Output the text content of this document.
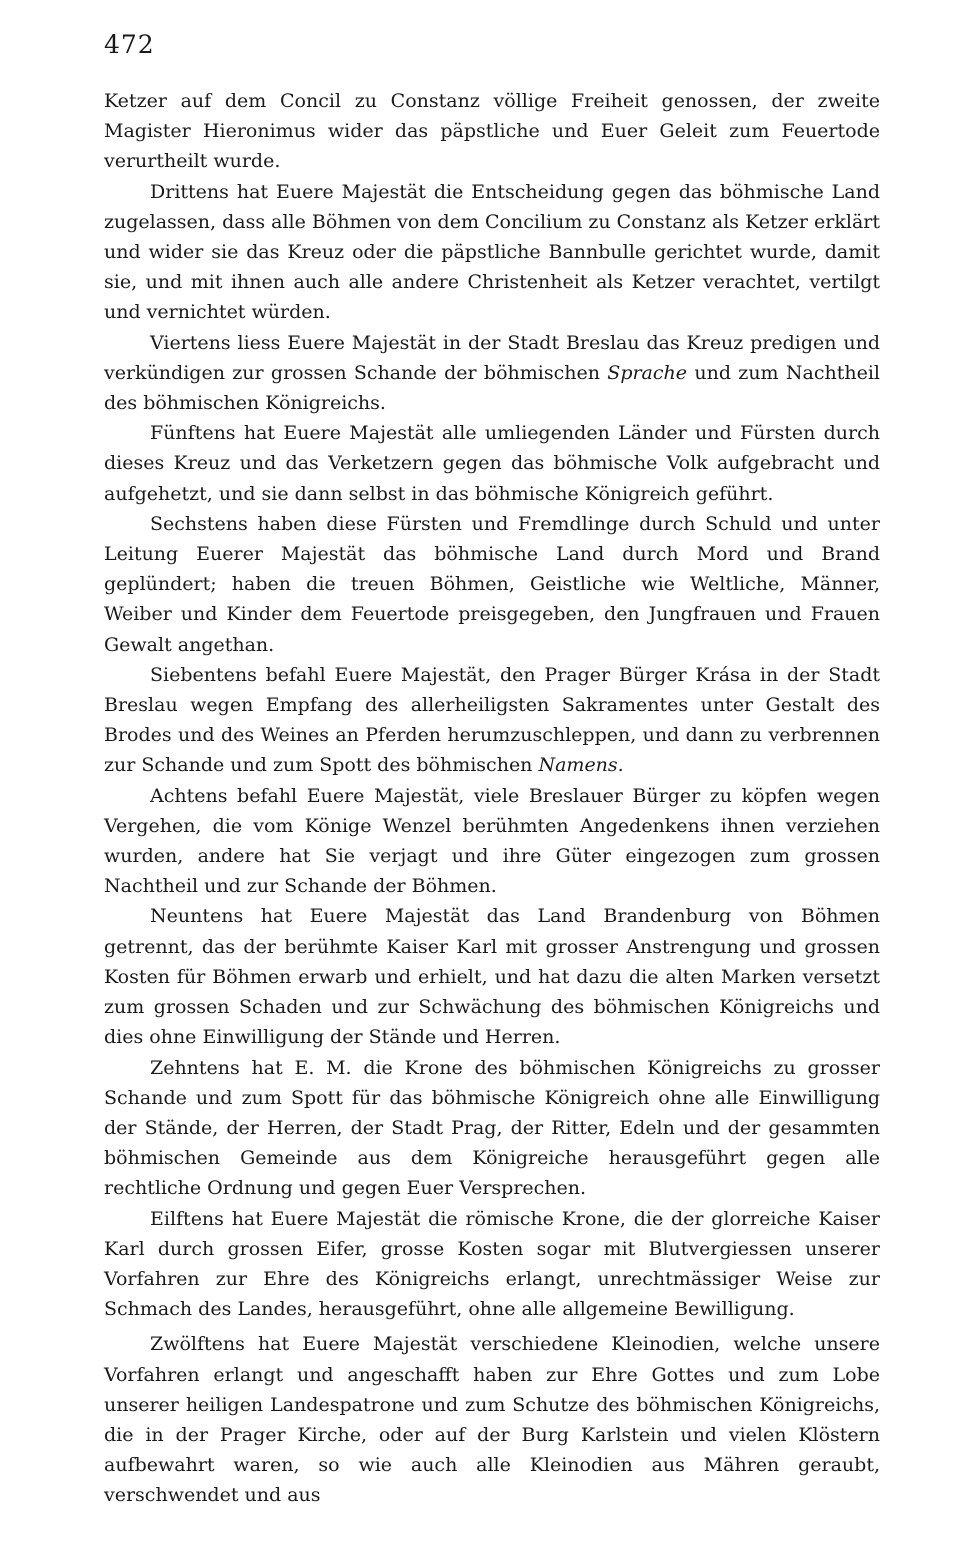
472

Ketzer auf dem Concil zu Constanz völlige Freiheit genossen, der zweite Magister Hieronimus wider das päpstliche und Euer Geleit zum Feuertode verurtheilt wurde.

Drittens hat Euere Majestät die Entscheidung gegen das böhmische Land zugelassen, dass alle Böhmen von dem Concilium zu Constanz als Ketzer erklärt und wider sie das Kreuz oder die päpstliche Bannbulle gerichtet wurde, damit sie, und mit ihnen auch alle andere Christenheit als Ketzer verachtet, vertilgt und vernichtet würden.

Viertens liess Euere Majestät in der Stadt Breslau das Kreuz predigen und verkündigen zur grossen Schande der böhmischen Sprache und zum Nachtheil des böhmischen Königreichs.

Fünftens hat Euere Majestät alle umliegenden Länder und Fürsten durch dieses Kreuz und das Verketzern gegen das böhmische Volk aufgebracht und aufgehetzt, und sie dann selbst in das böhmische Königreich geführt.

Sechstens haben diese Fürsten und Fremdlinge durch Schuld und unter Leitung Euerer Majestät das böhmische Land durch Mord und Brand geplündert; haben die treuen Böhmen, Geistliche wie Weltliche, Männer, Weiber und Kinder dem Feuertode preisgegeben, den Jungfrauen und Frauen Gewalt angethan.

Siebentens befahl Euere Majestät, den Prager Bürger Krása in der Stadt Breslau wegen Empfang des allerheiligsten Sakramentes unter Gestalt des Brodes und des Weines an Pferden herumzuschleppen, und dann zu verbrennen zur Schande und zum Spott des böhmischen Namens.

Achtens befahl Euere Majestät, viele Breslauer Bürger zu köpfen wegen Vergehen, die vom Könige Wenzel berühmten Angedenkens ihnen verziehen wurden, andere hat Sie verjagt und ihre Güter eingezogen zum grossen Nachtheil und zur Schande der Böhmen.

Neuntens hat Euere Majestät das Land Brandenburg von Böhmen getrennt, das der berühmte Kaiser Karl mit grosser Anstrengung und grossen Kosten für Böhmen erwarb und erhielt, und hat dazu die alten Marken versetzt zum grossen Schaden und zur Schwächung des böhmischen Königreichs und dies ohne Einwilligung der Stände und Herren.

Zehntens hat E. M. die Krone des böhmischen Königreichs zu grosser Schande und zum Spott für das böhmische Königreich ohne alle Einwilligung der Stände, der Herren, der Stadt Prag, der Ritter, Edeln und der gesammten böhmischen Gemeinde aus dem Königreiche herausgeführt gegen alle rechtliche Ordnung und gegen Euer Versprechen.

Eilftens hat Euere Majestät die römische Krone, die der glorreiche Kaiser Karl durch grossen Eifer, grosse Kosten sogar mit Blutvergiessen unserer Vorfahren zur Ehre des Königreichs erlangt, unrechtmässiger Weise zur Schmach des Landes, herausgeführt, ohne alle allgemeine Bewilligung.

Zwölftens hat Euere Majestät verschiedene Kleinodien, welche unsere Vorfahren erlangt und angeschafft haben zur Ehre Gottes und zum Lobe unserer heiligen Landespatrone und zum Schutze des böhmischen Königreichs, die in der Prager Kirche, oder auf der Burg Karlstein und vielen Klöstern aufbewahrt waren, so wie auch alle Kleinodien aus Mähren geraubt, verschwendet und aus
